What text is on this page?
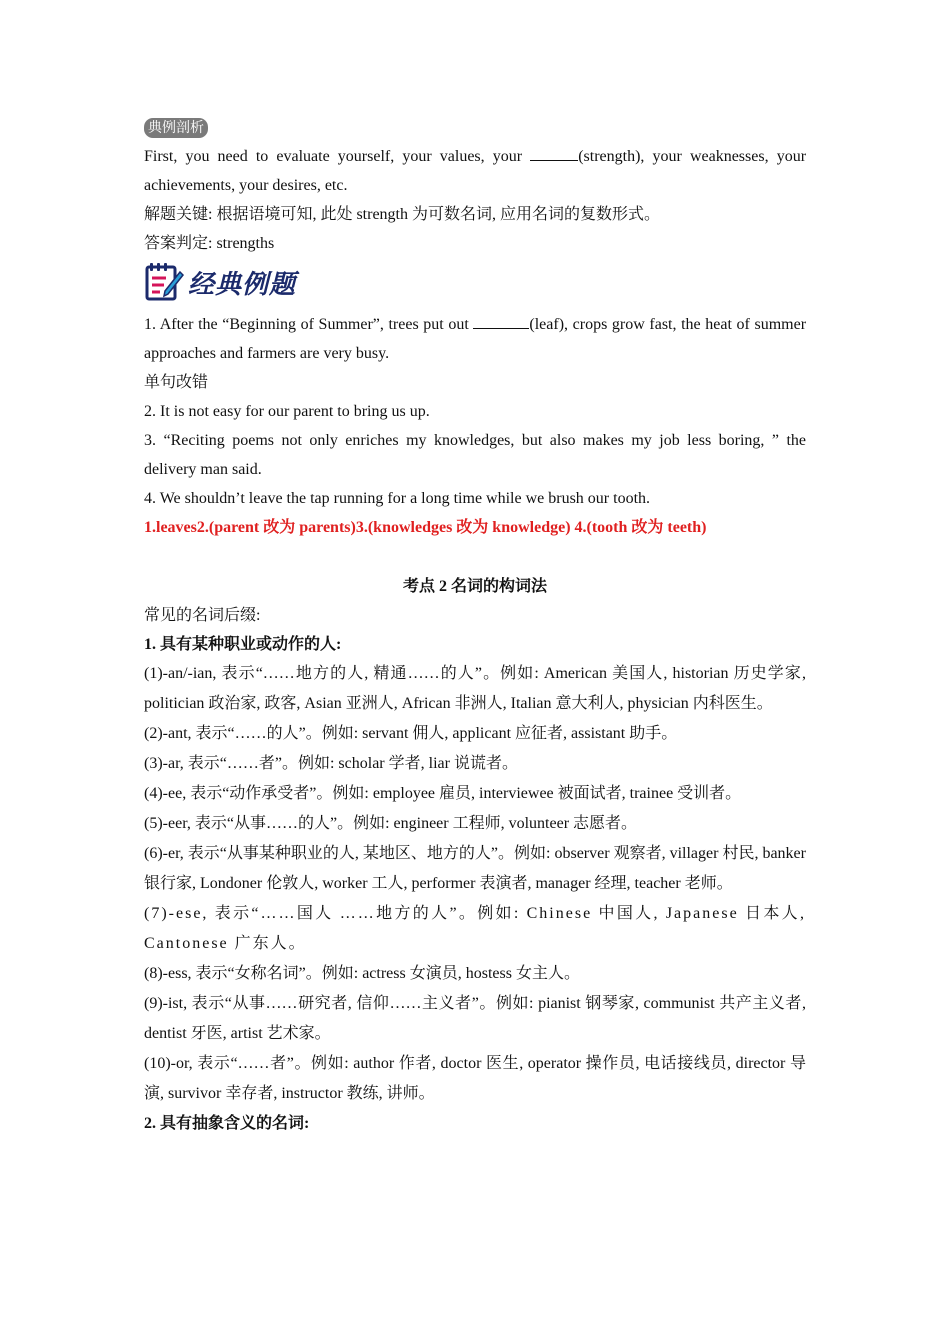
典例剖析
First, you need to evaluate yourself, your values, your	(strength), your weaknesses, your achievements, your desires, etc.
解题关键: 根据语境可知, 此处 strength 为可数名词, 应用名词的复数形式。
答案判定: strengths
经典例题
1. After the “Beginning of Summer”, trees put out	(leaf), crops grow fast, the heat of summer approaches and farmers are very busy.
单句改错
2. It is not easy for our parent to bring us up.
3. “Reciting poems not only enriches my knowledges, but also makes my job less boring, ” the delivery man said.
4. We shouldn’t leave the tap running for a long time while we brush our tooth.
1.leaves2.(parent 改为 parents)3.(knowledges 改为 knowledge) 4.(tooth 改为 teeth)
考点 2 名词的构词法
常见的名词后缀:
1. 具有某种职业或动作的人:
(1)-an/-ian, 表示“……地方的人, 精通……的人”。例如: American 美国人, historian 历史学家, politician 政治家, 政客, Asian 亚洲人, African 非洲人, Italian 意大利人, physician 内科医生。
(2)-ant, 表示“……的人”。例如: servant 佣人, applicant 应征者, assistant 助手。
(3)-ar, 表示“……者”。例如: scholar 学者, liar 说谎者。
(4)-ee, 表示“动作承受者”。例如: employee 雇员, interviewee 被面试者, trainee 受训者。
(5)-eer, 表示“从事……的人”。例如: engineer 工程师, volunteer 志愿者。
(6)-er, 表示“从事某种职业的人, 某地区、地方的人”。例如: observer 观察者, villager 村民, banker 银行家, Londoner 伦敦人, worker 工人, performer 表演者, manager 经理, teacher 老师。
(7)-ese, 表示“……国人 ……地方的人”。例如: Chinese 中国人, Japanese 日本人, Cantonese 广东人。
(8)-ess, 表示“女称名词”。例如: actress 女演员, hostess 女主人。
(9)-ist, 表示“从事……研究者, 信仰……主义者”。例如: pianist 钢琴家, communist 共产主义者, dentist 牙医, artist 艺术家。
(10)-or, 表示“……者”。例如: author 作者, doctor 医生, operator 操作员, 电话接线员, director 导演, survivor 幸存者, instructor 教练, 讲师。
2. 具有抽象含义的名词:
